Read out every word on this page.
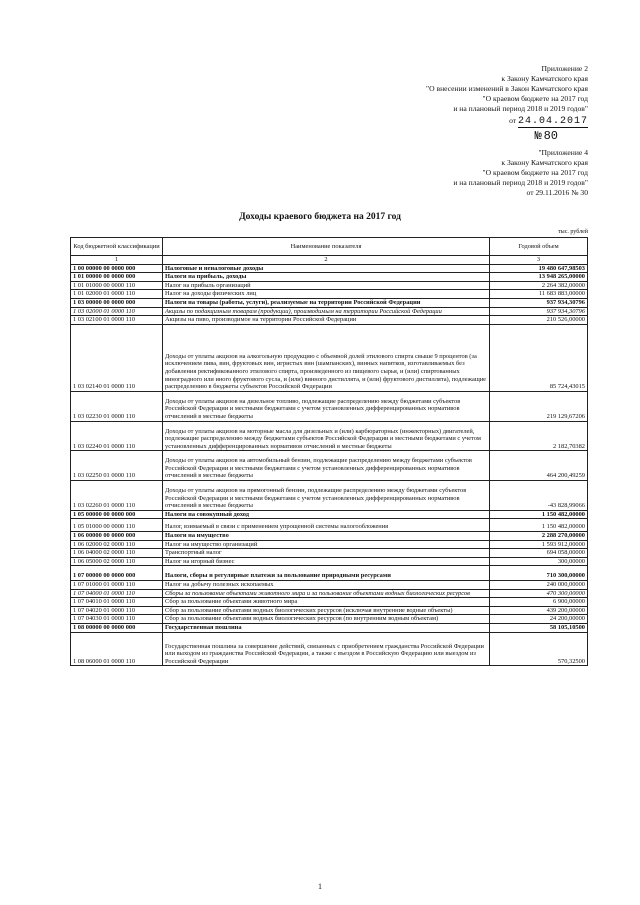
Приложение 2
к Закону Камчатского края
"О внесении изменений в Закон Камчатского края
"О краевом бюджете на 2017 год
и на плановый период 2018 и 2019 годов"
от 24.04.2017
№ 80
"Приложение 4
к Закону Камчатского края
"О краевом бюджете на 2017 год
и на плановый период 2018 и 2019 годов"
от 29.11.2016 № 30
Доходы краевого бюджета на 2017 год
тыс. рублей
Код бюджетной классификации	Наименование показателя	Годовой объем
1	2	3
1 00 00000 00 0000 000	Налоговые и неналоговые доходы	19 480 647,98503
1 01 00000 00 0000 000	Налоги на прибыль, доходы	13 948 265,00000
1 01 01000 00 0000 110	Налог на прибыль организаций	2 264 382,00000
1 01 02000 01 0000 110	Налог на доходы физических лиц	11 683 883,00000
1 03 00000 00 0000 000	Налоги на товары (работы, услуги), реализуемые на территории Российской Федерации	937 934,30796
1 03 02000 01 0000 110	Акцизы по подакцизным товарам (продукции), производимым на территории Российской Федерации	937 934,30796
1 03 02100 01 0000 110	Акцизы на пиво, производимое на территории Российской Федерации	210 526,00000
1 03 02140 01 0000 110	Доходы от уплаты акцизов на алкогольную продукцию с объемной долей этилового спирта свыше 9 процентов (за исключением пива, вин, фруктовых вин, игристых вин (шампанских), винных напитков, изготавливаемых без добавления ректификованного этилового спирта, произведенного из пищевого сырья, и (или) спиртованных виноградного или иного фруктового сусла, и (или) винного дистиллята, и (или) фруктового дистиллята), подлежащие распределению в бюджеты субъектов Российской Федерации	85 724,43015
1 03 02230 01 0000 110	Доходы от уплаты акцизов на дизельное топливо, подлежащие распределению между бюджетами субъектов Российской Федерации и местными бюджетами с учетом установленных дифференцированных нормативов отчислений в местные бюджеты	219 129,67206
1 03 02240 01 0000 110	Доходы от уплаты акцизов на моторные масла для дизельных и (или) карбюраторных (инжекторных) двигателей, подлежащие распределению между бюджетами субъектов Российской Федерации и местными бюджетами с учетом установленных дифференцированных нормативов отчислений в местные бюджеты	2 182,70382
1 03 02250 01 0000 110	Доходы от уплаты акцизов на автомобильный бензин, подлежащие распределению между бюджетами субъектов Российской Федерации и местными бюджетами с учетом установленных дифференцированных нормативов отчислений в местные бюджеты	464 200,49259
1 03 02260 01 0000 110	Доходы от уплаты акцизов на прямогонный бензин, подлежащие распределению между бюджетами субъектов Российской Федерации и местными бюджетами с учетом установленных дифференцированных нормативов отчислений в местные бюджеты	-43 828,99066
1 05 00000 00 0000 000	Налоги на совокупный доход	1 150 482,00000
1 05 01000 00 0000 110	Налог, взимаемый в связи с применением упрощенной системы налогообложения	1 150 482,00000
1 06 00000 00 0000 000	Налоги на имущество	2 288 270,00000
1 06 02000 02 0000 110	Налог на имущество организаций	1 593 912,00000
1 06 04000 02 0000 110	Транспортный налог	694 058,00000
1 06 05000 02 0000 110	Налог на игорный бизнес	300,00000
1 07 00000 00 0000 000	Налоги, сборы и регулярные платежи за пользование природными ресурсами	710 300,00000
1 07 01000 01 0000 110	Налог на добычу полезных ископаемых	240 000,00000
1 07 04000 01 0000 110	Сборы за пользование объектами животного мира и за пользование объектами водных биологических ресурсов	470 300,00000
1 07 04010 01 0000 110	Сбор за пользование объектами животного мира	6 900,00000
1 07 04020 01 0000 110	Сбор за пользование объектами водных биологических ресурсов (исключая внутренние водные объекты)	439 200,00000
1 07 04030 01 0000 110	Сбор за пользование объектами водных биологических ресурсов (по внутренним водным объектам)	24 200,00000
1 08 00000 00 0000 000	Государственная пошлина	58 105,10500
1 08 06000 01 0000 110	Государственная пошлина за совершение действий, связанных с приобретением гражданства Российской Федерации или выходом из гражданства Российской Федерации, а также с въездом в Российскую Федерацию или выездом из Российской Федерации	570,32500
1
